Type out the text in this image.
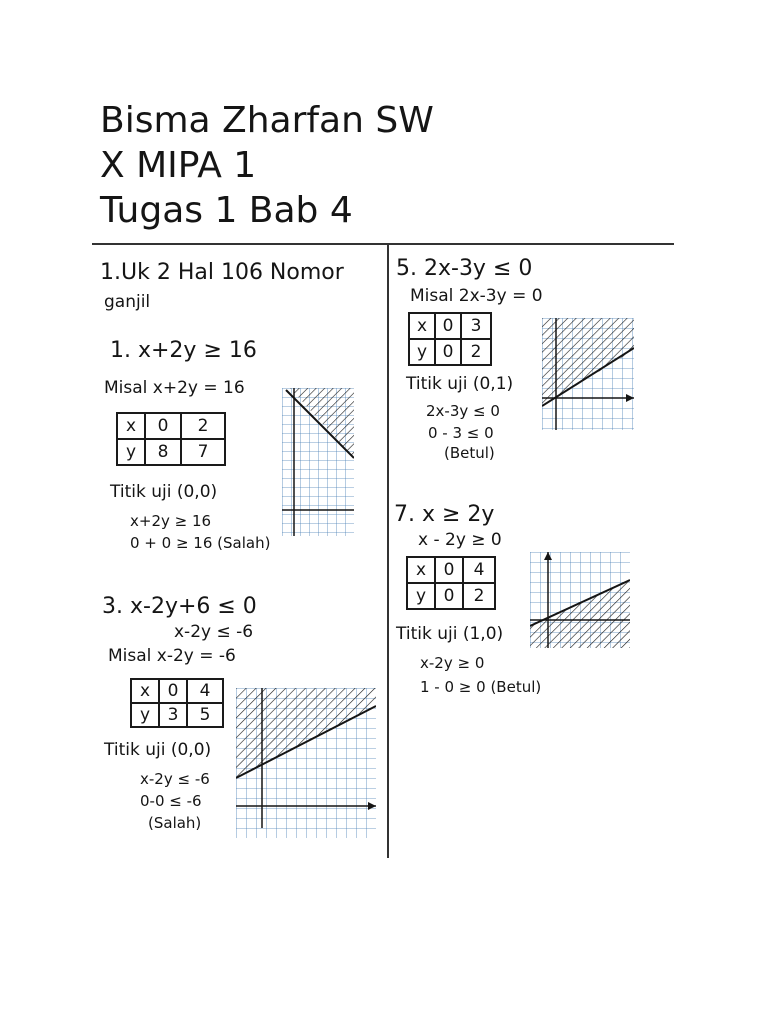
Bisma Zharfan SW
X MIPA 1
Tugas 1 Bab 4
1.Uk 2 Hal 106 Nomor
ganjil
1. x+2y ≥ 16
Misal x+2y = 16
x	0	2
y	8	7
Titik uji (0,0)
x+2y ≥ 16
0 + 0 ≥ 16 (Salah)
3. x-2y+6 ≤ 0
x-2y ≤ -6
Misal x-2y = -6
x	0	4
y	3	5
Titik uji (0,0)
x-2y ≤ -6
0-0 ≤ -6
(Salah)
5. 2x-3y ≤ 0
Misal 2x-3y = 0
x	0	3
y	0	2
Titik uji (0,1)
2x-3y ≤ 0
0 - 3 ≤ 0
(Betul)
7. x ≥ 2y
x - 2y ≥ 0
x	0	4
y	0	2
Titik uji (1,0)
x-2y ≥ 0
1 - 0 ≥ 0 (Betul)
